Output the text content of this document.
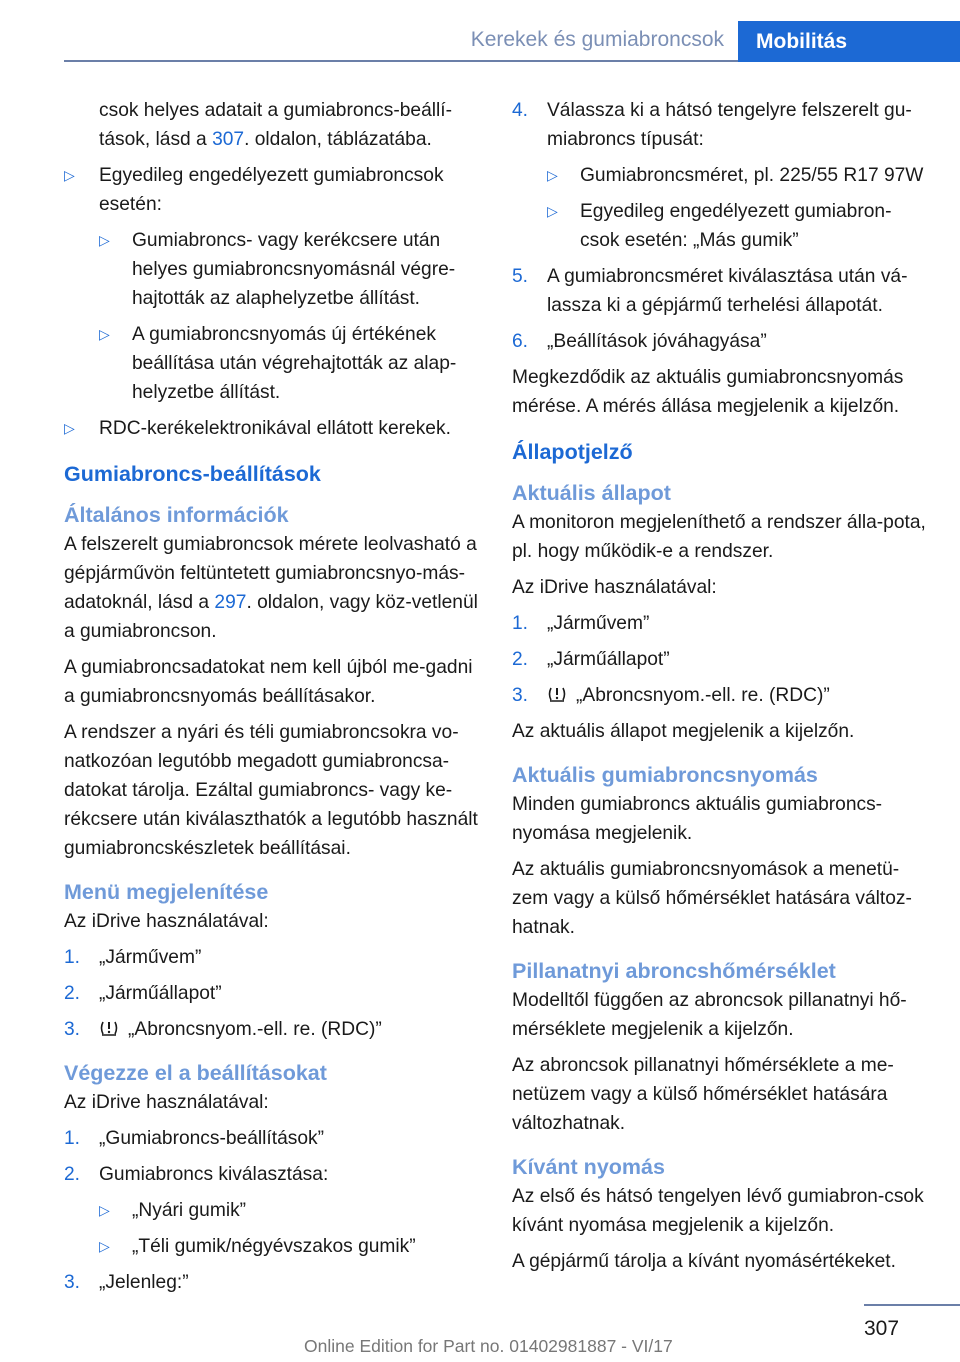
Kerekek és gumiabroncsok	Mobilitás
csok helyes adatait a gumiabroncs-beállí‐
tások, lásd a 307. oldalon, táblázatába.
▷ Egyedileg engedélyezett gumiabroncsok esetén:
▷ Gumiabroncs- vagy kerékcsere után helyes gumiabroncsnyomásnál végre‐hajtották az alaphelyzetbe állítást.
▷ A gumiabroncsnyomás új értékének beállítása után végrehajtották az alap‐helyzetbe állítást.
▷ RDC-kerékelektronikával ellátott kerekek.
Gumiabroncs-beállítások
Általános információk

A felszerelt gumiabroncsok mérete leolvasható a gépjárművön feltüntetett gumiabroncsnyo‐más-adatoknál, lásd a 297. oldalon, vagy köz‐vetlenül a gumiabroncson.

A gumiabroncsadatokat nem kell újból me‐gadni a gumiabroncsnyomás beállításakor.

A rendszer a nyári és téli gumiabroncsokra vo‐natkozóan legutóbb megadott gumiabroncsa‐datokat tárolja. Ezáltal gumiabroncs- vagy ke‐rékcsere után kiválaszthatók a legutóbb használt gumiabroncskészletek beállításai.

Menü megjelenítése

Az iDrive használatával:

1. „Járművem”
2. „Járműállapot”
3. „Abroncsnyom.-ell. re. (RDC)”
Végezze el a beállításokat

Az iDrive használatával:

1. „Gumiabroncs-beállítások”
2. Gumiabroncs kiválasztása:
▷ „Nyári gumik”
▷ „Téli gumik/négyévszakos gumik”
3. „Jelenleg:”
4. Válassza ki a hátsó tengelyre felszerelt gu‐miabroncs típusát:
▷ Gumiabroncsméret, pl. 225/55 R17 97W
▷ Egyedileg engedélyezett gumiabron‐csok esetén: „Más gumik”
5. A gumiabroncsméret kiválasztása után vá‐lassza ki a gépjármű terhelési állapotát.
6. „Beállítások jóváhagyása”

Megkezdődik az aktuális gumiabroncsnyomás mérése. A mérés állása megjelenik a kijelzőn.

Állapotjelző
Aktuális állapot

A monitoron megjeleníthető a rendszer álla‐pota, pl. hogy működik-e a rendszer.

Az iDrive használatával:

1. „Járművem”
2. „Járműállapot”
3. „Abroncsnyom.-ell. re. (RDC)”

Az aktuális állapot megjelenik a kijelzőn.

Aktuális gumiabroncsnyomás

Minden gumiabroncs aktuális gumiabroncs‐nyomása megjelenik.

Az aktuális gumiabroncsnyomások a menetü‐zem vagy a külső hőmérséklet hatására változ‐hatnak.

Pillanatnyi abroncshőmérséklet

Modelltől függően az abroncsok pillanatnyi hő‐mérséklete megjelenik a kijelzőn.

Az abroncsok pillanatnyi hőmérséklete a me‐netüzem vagy a külső hőmérséklet hatására változhatnak.

Kívánt nyomás

Az első és hátsó tengelyen lévő gumiabron‐csok kívánt nyomása megjelenik a kijelzőn.

A gépjármű tárolja a kívánt nyomásértékeket.

307
Online Edition for Part no. 01402981887 - VI/17
